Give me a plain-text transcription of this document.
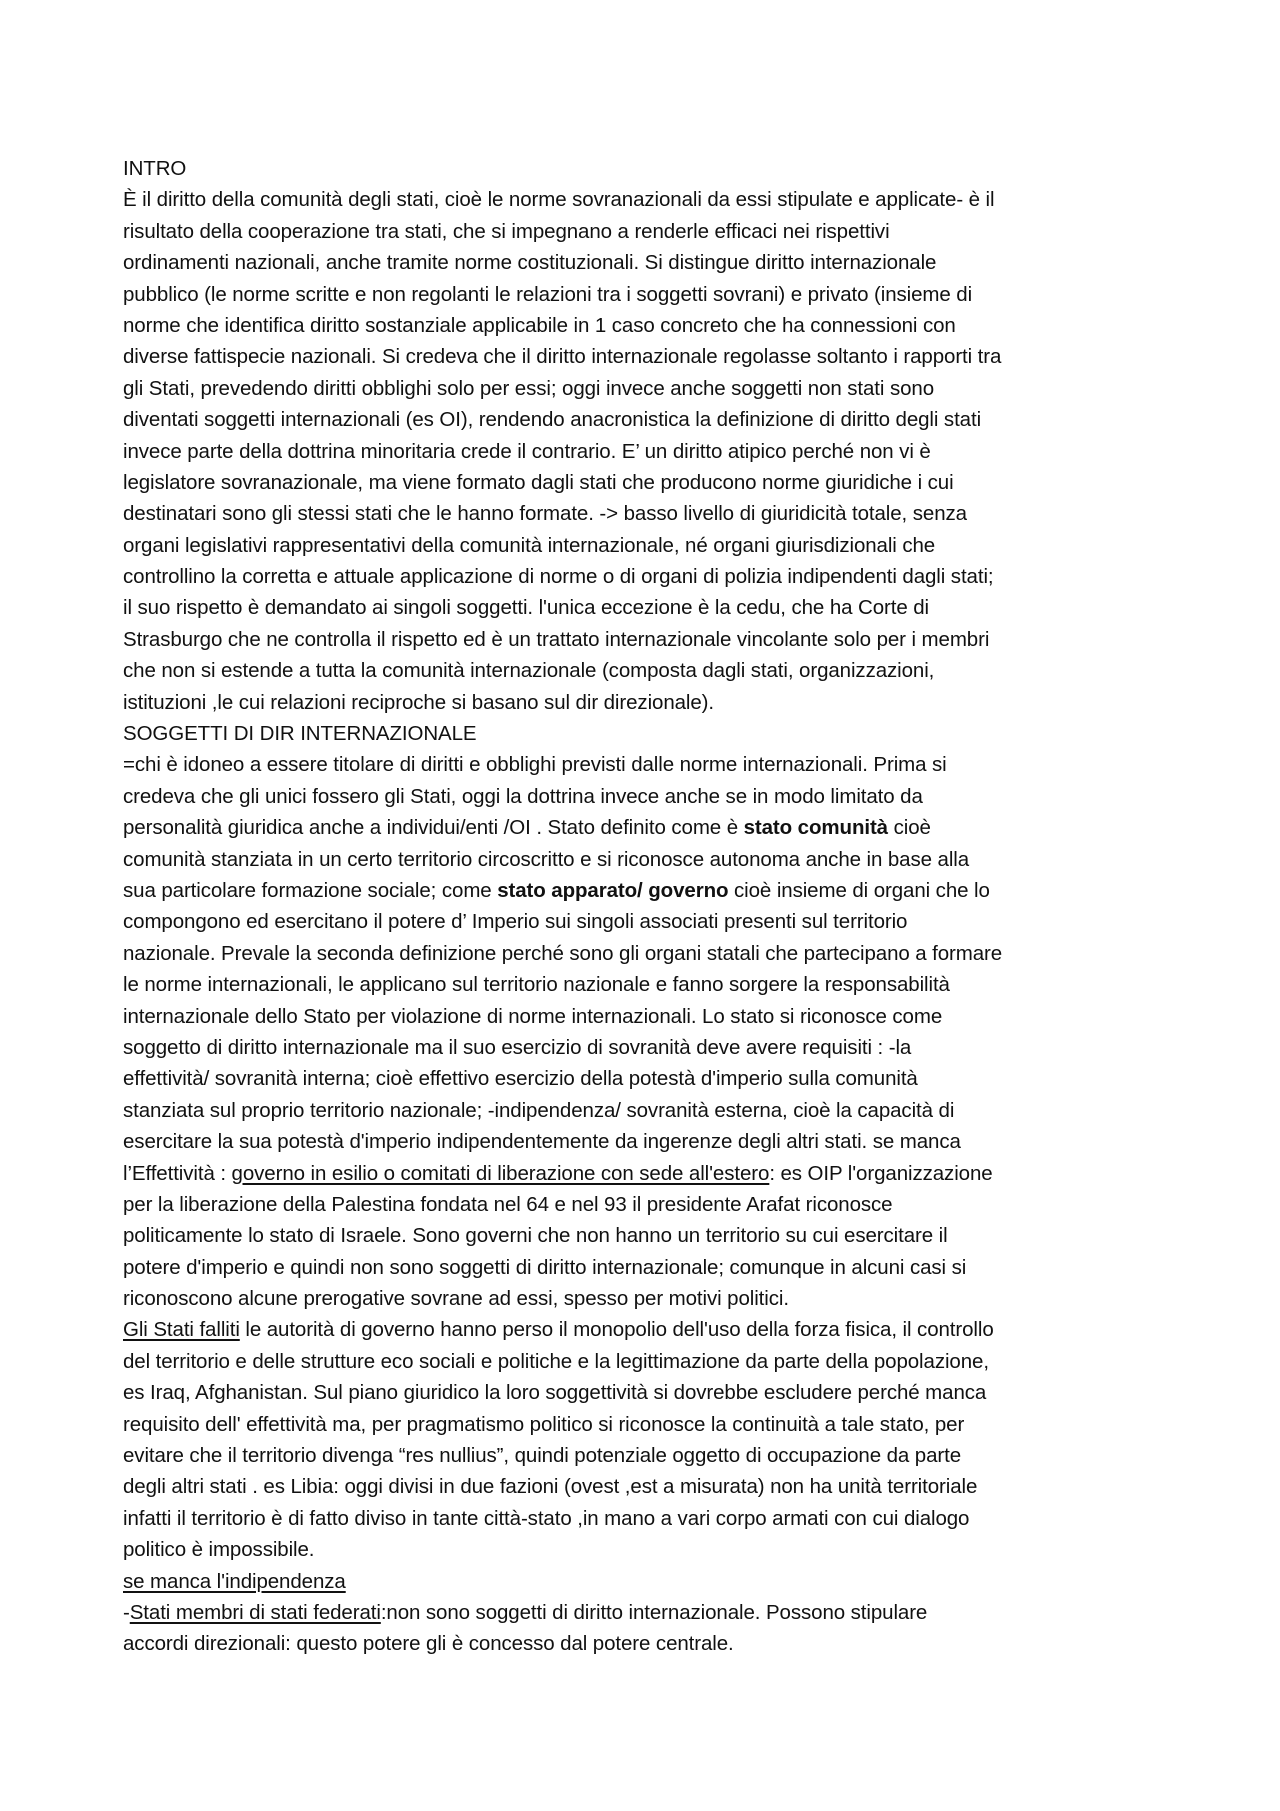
INTRO
È il diritto della comunità degli stati, cioè le norme sovranazionali da essi stipulate e applicate- è il
risultato della cooperazione tra stati, che si impegnano a renderle efficaci nei rispettivi
ordinamenti nazionali, anche tramite norme costituzionali. Si distingue diritto internazionale
pubblico (le norme scritte e non regolanti le relazioni tra i soggetti sovrani) e privato (insieme di
norme che identifica diritto sostanziale applicabile in 1 caso concreto che ha connessioni con
diverse fattispecie nazionali. Si credeva che il diritto internazionale regolasse soltanto i rapporti tra
gli Stati, prevedendo diritti obblighi solo per essi; oggi invece anche soggetti non stati sono
diventati soggetti internazionali (es OI), rendendo anacronistica la definizione di diritto degli stati
invece parte della dottrina minoritaria crede il contrario. E’ un diritto atipico perché non vi è
legislatore sovranazionale, ma viene formato dagli stati che producono norme giuridiche i cui
destinatari sono gli stessi stati che le hanno formate. -> basso livello di giuridicità totale, senza
organi legislativi rappresentativi della comunità internazionale, né organi giurisdizionali che
controllino la corretta e attuale applicazione di norme o di organi di polizia indipendenti dagli stati;
il suo rispetto è demandato ai singoli soggetti. l'unica eccezione è la cedu, che ha Corte di
Strasburgo che ne controlla il rispetto ed è un trattato internazionale vincolante solo per i membri
che non si estende a tutta la comunità internazionale (composta dagli stati, organizzazioni,
istituzioni ,le cui relazioni reciproche si basano sul dir direzionale).
SOGGETTI DI DIR INTERNAZIONALE
=chi è idoneo a essere titolare di diritti e obblighi previsti dalle norme internazionali. Prima si
credeva che gli unici fossero gli Stati, oggi la dottrina invece anche se in modo limitato da
personalità giuridica anche a individui/enti /OI . Stato definito come è stato comunità cioè
comunità stanziata in un certo territorio circoscritto e si riconosce autonoma anche in base alla
sua particolare formazione sociale; come stato apparato/ governo cioè insieme di organi che lo
compongono ed esercitano il potere d’ Imperio sui singoli associati presenti sul territorio
nazionale. Prevale la seconda definizione perché sono gli organi statali che partecipano a formare
le norme internazionali, le applicano sul territorio nazionale e fanno sorgere la responsabilità
internazionale dello Stato per violazione di norme internazionali. Lo stato si riconosce come
soggetto di diritto internazionale ma il suo esercizio di sovranità deve avere requisiti : -la
effettività/ sovranità interna; cioè effettivo esercizio della potestà d'imperio sulla comunità
stanziata sul proprio territorio nazionale; -indipendenza/ sovranità esterna, cioè la capacità di
esercitare la sua potestà d'imperio indipendentemente da ingerenze degli altri stati. se manca
l’Effettività : governo in esilio o comitati di liberazione con sede all'estero: es OIP l'organizzazione
per la liberazione della Palestina fondata nel 64 e nel 93 il presidente Arafat riconosce
politicamente lo stato di Israele. Sono governi che non hanno un territorio su cui esercitare il
potere d'imperio e quindi non sono soggetti di diritto internazionale; comunque in alcuni casi si
riconoscono alcune prerogative sovrane ad essi, spesso per motivi politici.
Gli Stati falliti le autorità di governo hanno perso il monopolio dell'uso della forza fisica, il controllo
del territorio e delle strutture eco sociali e politiche e la legittimazione da parte della popolazione,
es Iraq, Afghanistan. Sul piano giuridico la loro soggettività si dovrebbe escludere perché manca
requisito dell' effettività ma, per pragmatismo politico si riconosce la continuità a tale stato, per
evitare che il territorio divenga “res nullius”, quindi potenziale oggetto di occupazione da parte
degli altri stati . es Libia: oggi divisi in due fazioni (ovest ,est a misurata) non ha unità territoriale
infatti il territorio è di fatto diviso in tante città-stato ,in mano a vari corpo armati con cui dialogo
politico è impossibile.
se manca l'indipendenza
-Stati membri di stati federati:non sono soggetti di diritto internazionale. Possono stipulare
accordi direzionali: questo potere gli è concesso dal potere centrale.
